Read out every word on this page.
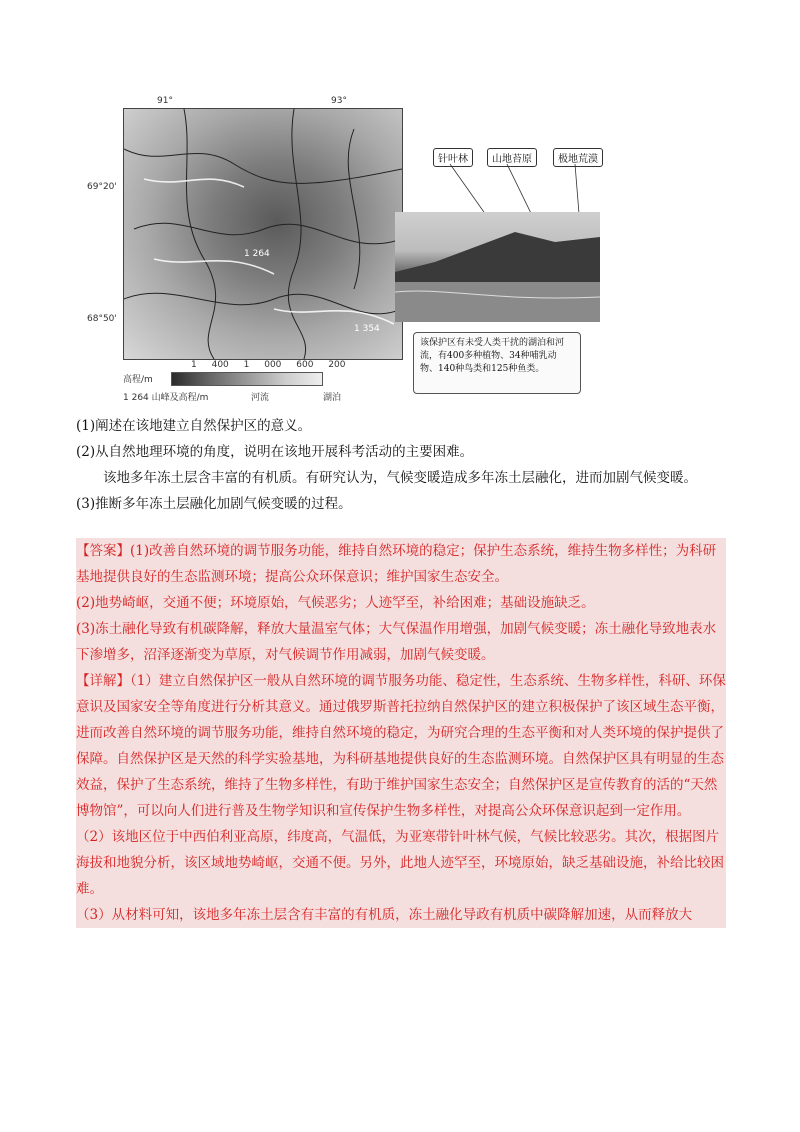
91°	93°
69°20'
68°50'
1 264
1 354
1 400 1 000 600 200
高程/m
1 264 山峰及高程/m	河流	湖泊
针叶林	山地苔原	极地荒漠
该保护区有未受人类干扰的湖泊和河流，有400多种植物、34种哺乳动物、140种鸟类和125种鱼类。

(1)阐述在该地建立自然保护区的意义。

(2)从自然地理环境的角度，说明在该地开展科考活动的主要困难。

该地多年冻土层含丰富的有机质。有研究认为，气候变暖造成多年冻土层融化，进而加剧气候变暖。

(3)推断多年冻土层融化加剧气候变暖的过程。

【答案】(1)改善自然环境的调节服务功能，维持自然环境的稳定；保护生态系统，维持生物多样性；为科研基地提供良好的生态监测环境；提高公众环保意识；维护国家生态安全。

(2)地势崎岖，交通不便；环境原始，气候恶劣；人迹罕至，补给困难；基础设施缺乏。

(3)冻土融化导致有机碳降解，释放大量温室气体；大气保温作用增强，加剧气候变暖；冻土融化导致地表水下渗增多，沼泽逐渐变为草原，对气候调节作用减弱，加剧气候变暖。

【详解】（1）建立自然保护区一般从自然环境的调节服务功能、稳定性，生态系统、生物多样性，科研、环保意识及国家安全等角度进行分析其意义。通过俄罗斯普托拉纳自然保护区的建立积极保护了该区域生态平衡，进而改善自然环境的调节服务功能，维持自然环境的稳定，为研究合理的生态平衡和对人类环境的保护提供了保障。自然保护区是天然的科学实验基地，为科研基地提供良好的生态监测环境。自然保护区具有明显的生态效益，保护了生态系统，维持了生物多样性，有助于维护国家生态安全；自然保护区是宣传教育的活的“天然博物馆”，可以向人们进行普及生物学知识和宣传保护生物多样性，对提高公众环保意识起到一定作用。

（2）该地区位于中西伯利亚高原，纬度高，气温低，为亚寒带针叶林气候，气候比较恶劣。其次，根据图片海拔和地貌分析，该区域地势崎岖，交通不便。另外，此地人迹罕至，环境原始，缺乏基础设施，补给比较困难。

（3）从材料可知，该地多年冻土层含有丰富的有机质，冻土融化导政有机质中碳降解加速，从而释放大
